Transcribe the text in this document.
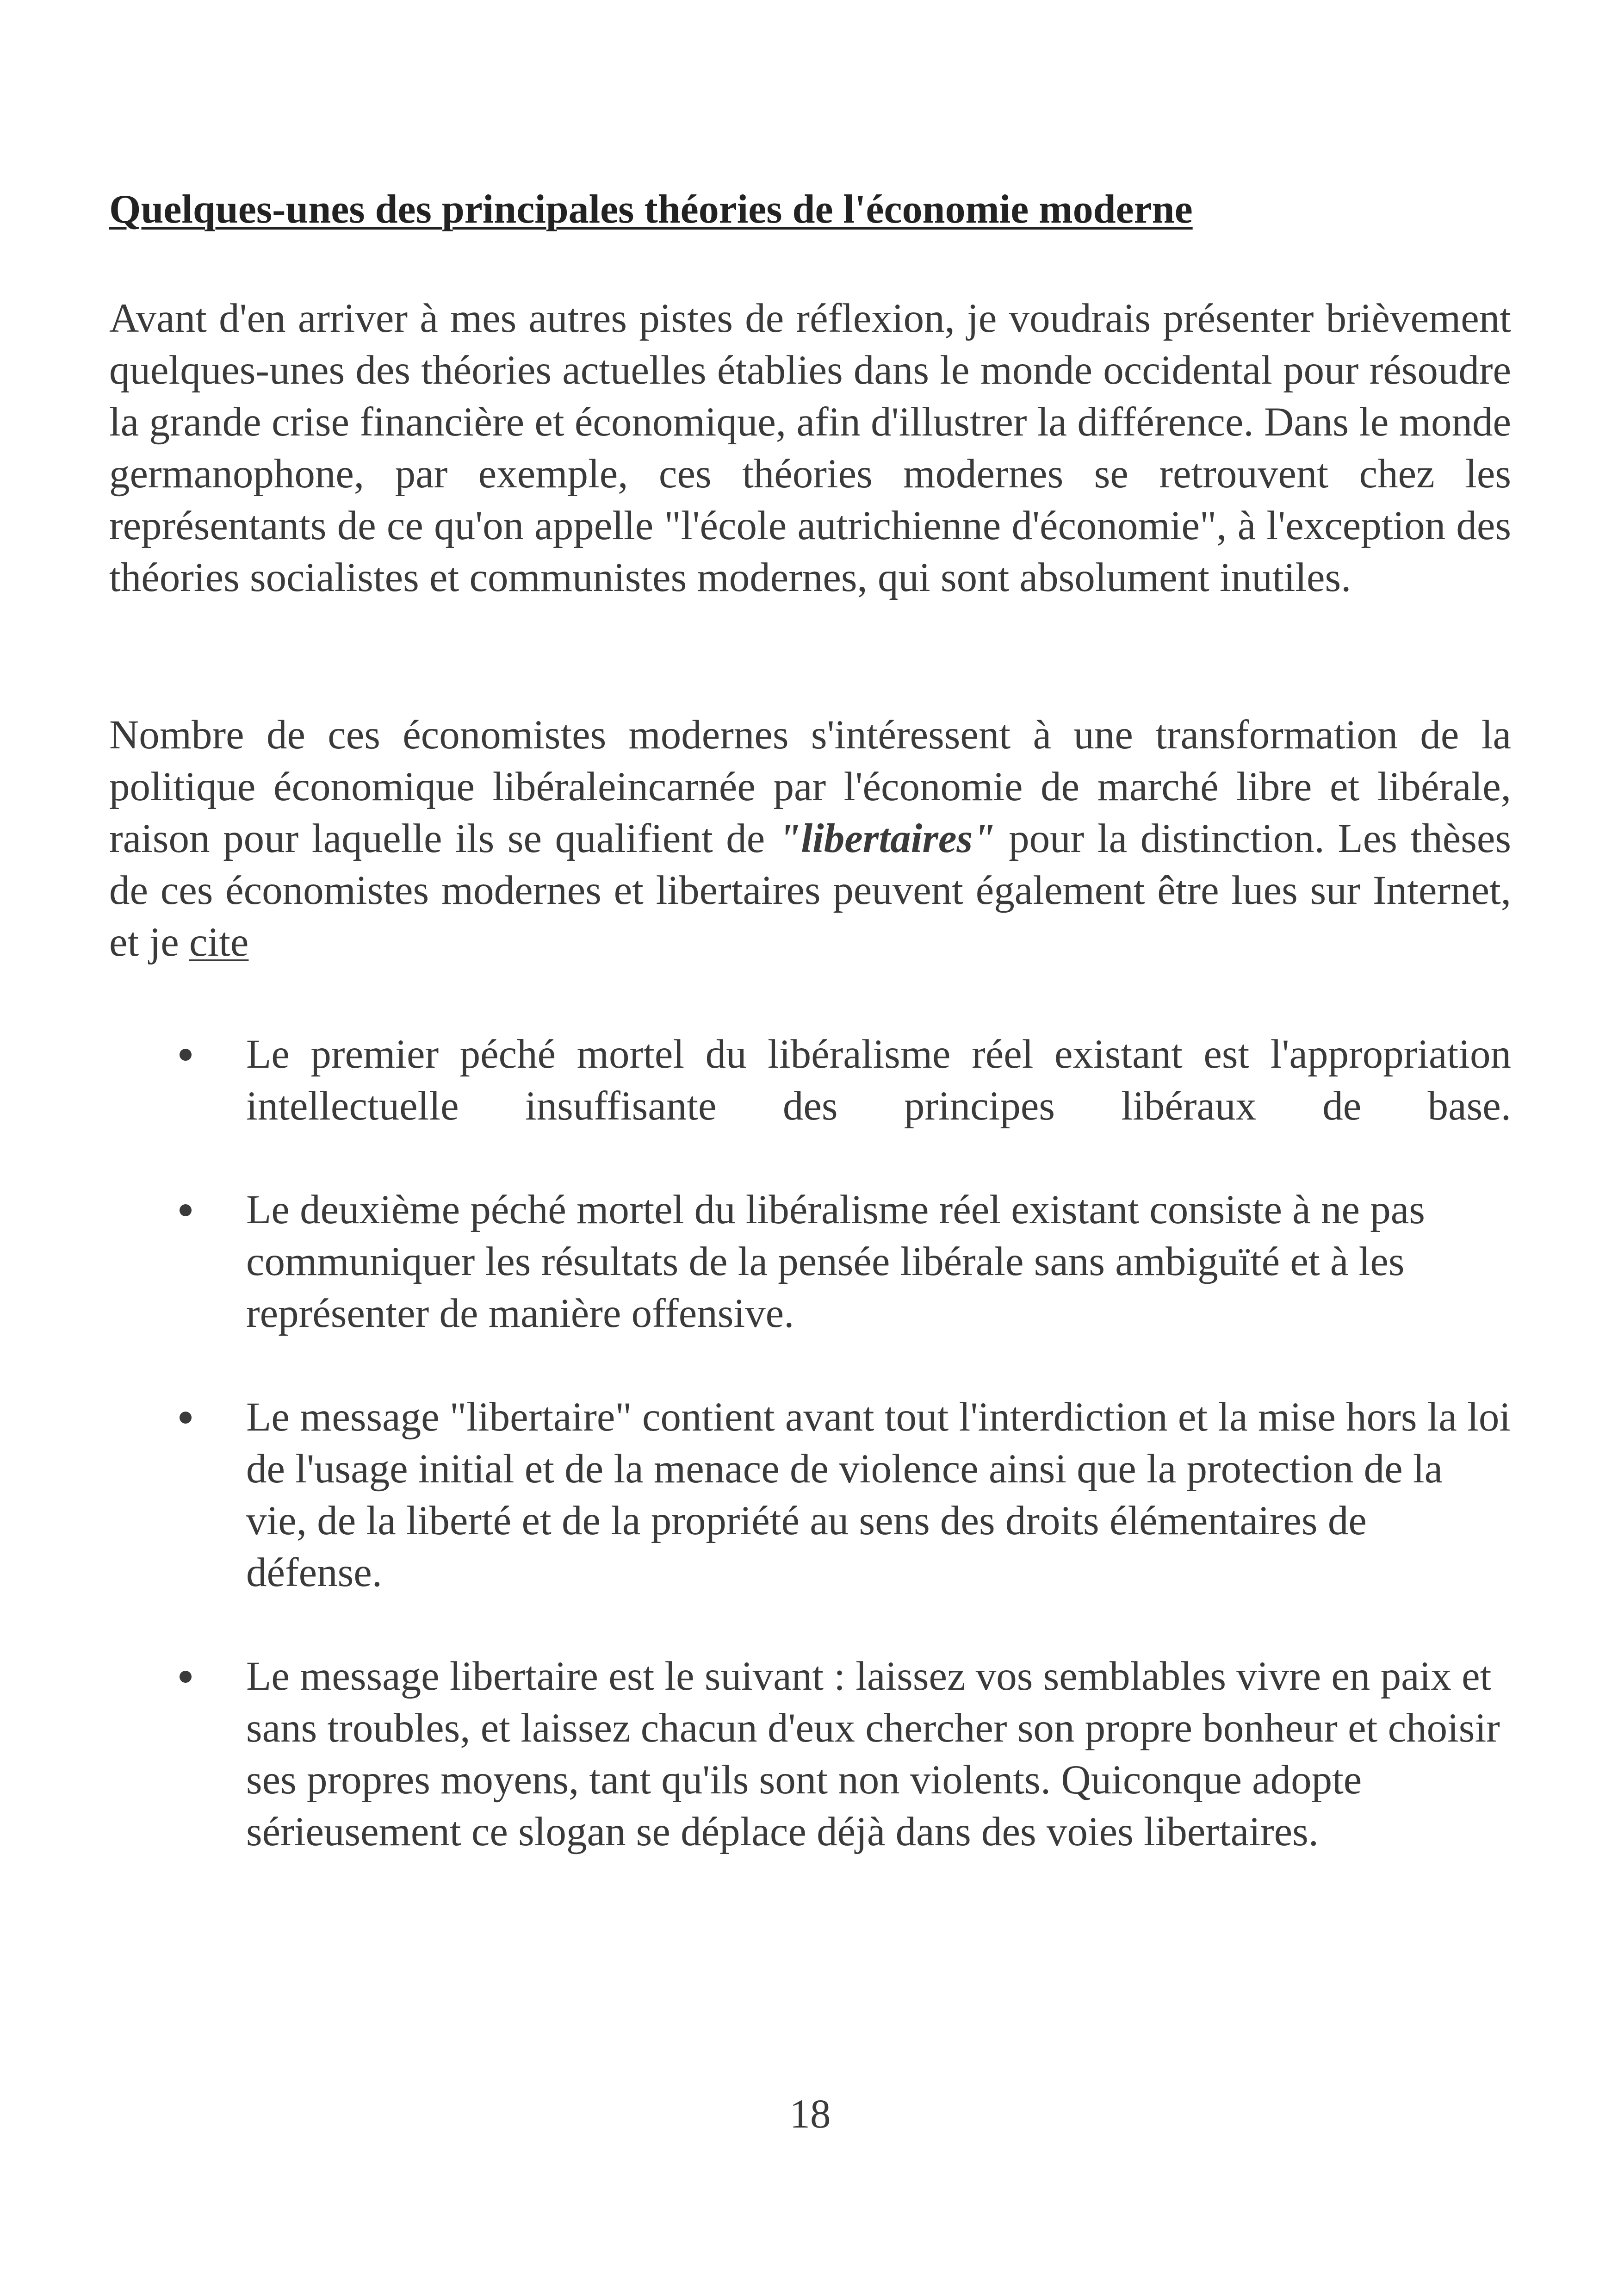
Quelques-unes des principales théories de l'économie moderne

Avant d'en arriver à mes autres pistes de réflexion, je voudrais présenter brièvement quelques-unes des théories actuelles établies dans le monde occidental pour résoudre la grande crise financière et économique, afin d'illustrer la différence. Dans le monde germanophone, par exemple, ces théories modernes se retrouvent chez les représentants de ce qu'on appelle "l'école autrichienne d'économie", à l'exception des théories socialistes et communistes modernes, qui sont absolument inutiles.

Nombre de ces économistes modernes s'intéressent à une transformation de la politique économique libéraleincarnée par l'économie de marché libre et libérale, raison pour laquelle ils se qualifient de "libertaires" pour la distinction. Les thèses de ces économistes modernes et libertaires peuvent également être lues sur Internet, et je cite

Le premier péché mortel du libéralisme réel existant est l'appropriation intellectuelle insuffisante des principes libéraux de base.
Le deuxième péché mortel du libéralisme réel existant consiste à ne pas communiquer les résultats de la pensée libérale sans ambiguïté et à les représenter de manière offensive.
Le message "libertaire" contient avant tout l'interdiction et la mise hors la loi de l'usage initial et de la menace de violence ainsi que la protection de la vie, de la liberté et de la propriété au sens des droits élémentaires de défense.
Le message libertaire est le suivant : laissez vos semblables vivre en paix et sans troubles, et laissez chacun d'eux chercher son propre bonheur et choisir ses propres moyens, tant qu'ils sont non violents. Quiconque adopte sérieusement ce slogan se déplace déjà dans des voies libertaires.
18
